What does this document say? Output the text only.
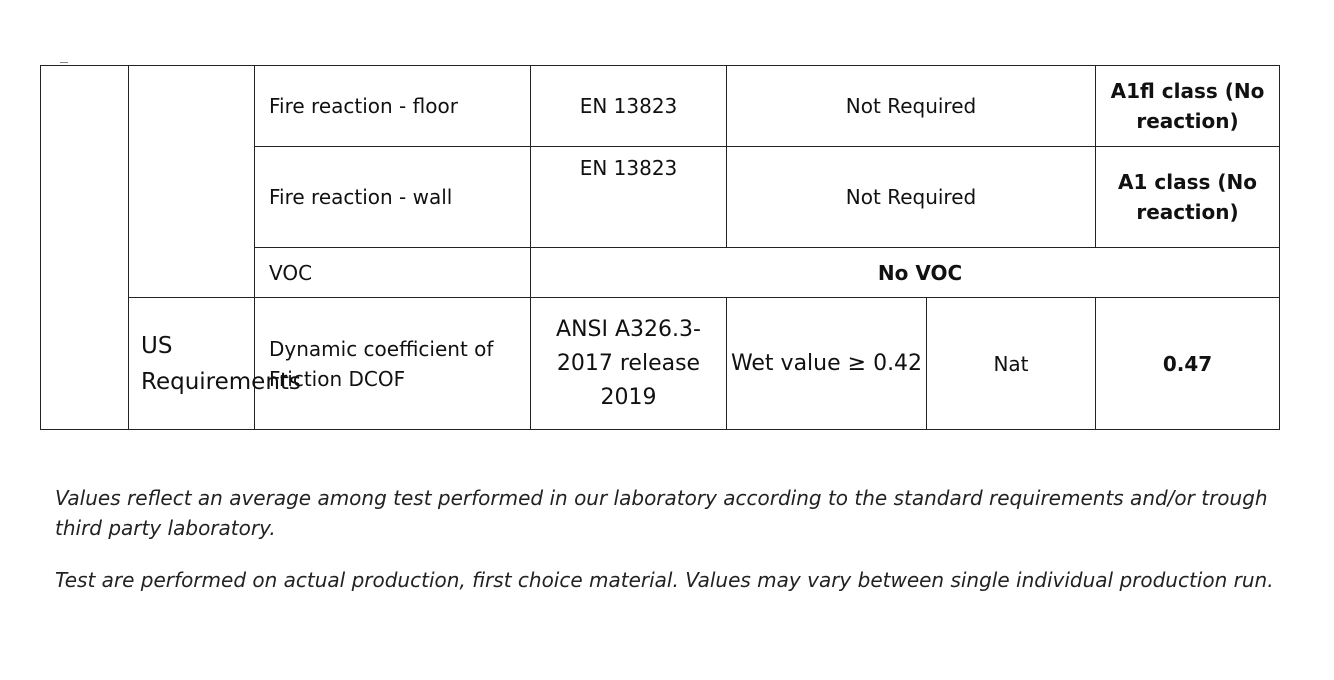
		Fire reaction - floor	EN 13823	Not Required		A1fl class (No reaction)
		Fire reaction - wall	EN 13823	Not Required		A1 class (No reaction)
		VOC	No VOC			
	US Requirements	Dynamic coefficient of Friction DCOF	ANSI A326.3-2017 release 2019	Wet value ≥ 0.42	Nat	0.47

Values reflect an average among test performed in our laboratory according to the standard requirements and/or trough third party laboratory.

Test are performed on actual production, first choice material. Values may vary between single individual production run.
